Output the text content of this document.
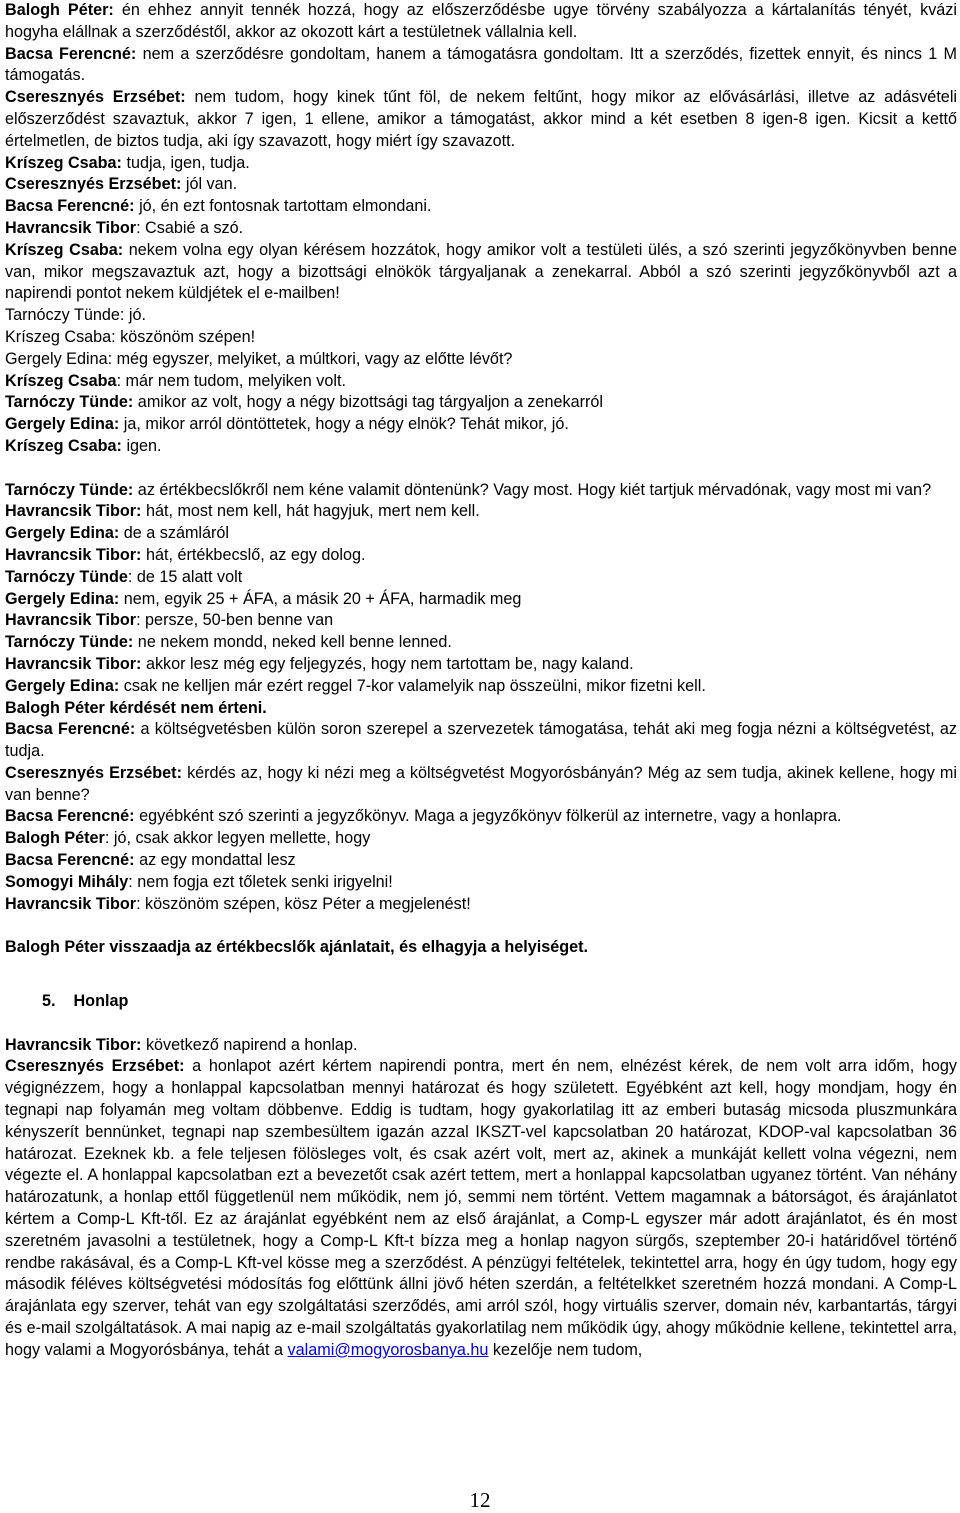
Balogh Péter: én ehhez annyit tennék hozzá, hogy az előszerződésbe ugye törvény szabályozza a kártalanítás tényét, kvázi hogyha elállnak a szerződéstől, akkor az okozott kárt a testületnek vállalnia kell.

Bacsa Ferencné: nem a szerződésre gondoltam, hanem a támogatásra gondoltam. Itt a szerződés, fizettek ennyit, és nincs 1 M támogatás.

Cseresznyés Erzsébet: nem tudom, hogy kinek tűnt föl, de nekem feltűnt, hogy mikor az elővásárlási, illetve az adásvételi előszerződést szavaztuk, akkor 7 igen, 1 ellene, amikor a támogatást, akkor mind a két esetben 8 igen-8 igen. Kicsit a kettő értelmetlen, de biztos tudja, aki így szavazott, hogy miért így szavazott.

Kríszeg Csaba: tudja, igen, tudja.

Cseresznyés Erzsébet: jól van.

Bacsa Ferencné: jó, én ezt fontosnak tartottam elmondani.

Havrancsik Tibor: Csabié a szó.

Kríszeg Csaba: nekem volna egy olyan kérésem hozzátok, hogy amikor volt a testületi ülés, a szó szerinti jegyzőkönyvben benne van, mikor megszavaztuk azt, hogy a bizottsági elnökök tárgyaljanak a zenekarral. Abból a szó szerinti jegyzőkönyvből azt a napirendi pontot nekem küldjétek el e-mailben!

Tarnóczy Tünde: jó.

Kríszeg Csaba: köszönöm szépen!

Gergely Edina: még egyszer, melyiket, a múltkori, vagy az előtte lévőt?

Kríszeg Csaba: már nem tudom, melyiken volt.

Tarnóczy Tünde: amikor az volt, hogy a négy bizottsági tag tárgyaljon a zenekarról

Gergely Edina: ja, mikor arról döntöttetek, hogy a négy elnök? Tehát mikor, jó.

Kríszeg Csaba: igen.

Tarnóczy Tünde: az értékbecslőkről nem kéne valamit döntenünk? Vagy most. Hogy kiét tartjuk mérvadónak, vagy most mi van?

Havrancsik Tibor: hát, most nem kell, hát hagyjuk, mert nem kell.

Gergely Edina: de a számláról

Havrancsik Tibor: hát, értékbecslő, az egy dolog.

Tarnóczy Tünde: de 15 alatt volt

Gergely Edina: nem, egyik 25 + ÁFA, a másik 20 + ÁFA, harmadik meg

Havrancsik Tibor: persze, 50-ben benne van

Tarnóczy Tünde: ne nekem mondd, neked kell benne lenned.

Havrancsik Tibor: akkor lesz még egy feljegyzés, hogy nem tartottam be, nagy kaland.

Gergely Edina: csak ne kelljen már ezért reggel 7-kor valamelyik nap összeülni, mikor fizetni kell.

Balogh Péter kérdését nem érteni.

Bacsa Ferencné: a költségvetésben külön soron szerepel a szervezetek támogatása, tehát aki meg fogja nézni a költségvetést, az tudja.

Cseresznyés Erzsébet: kérdés az, hogy ki nézi meg a költségvetést Mogyorósbányán? Még az sem tudja, akinek kellene, hogy mi van benne?

Bacsa Ferencné: egyébként szó szerinti a jegyzőkönyv. Maga a jegyzőkönyv fölkerül az internetre, vagy a honlapra.

Balogh Péter: jó, csak akkor legyen mellette, hogy

Bacsa Ferencné: az egy mondattal lesz

Somogyi Mihály: nem fogja ezt tőletek senki irigyelni!

Havrancsik Tibor: köszönöm szépen, kösz Péter a megjelenést!

Balogh Péter visszaadja az értékbecslők ajánlatait, és elhagyja a helyiséget.

5.    Honlap

Havrancsik Tibor: következő napirend a honlap.

Cseresznyés Erzsébet: a honlapot azért kértem napirendi pontra, mert én nem, elnézést kérek, de nem volt arra időm, hogy végignézzem, hogy a honlappal kapcsolatban mennyi határozat és hogy született. Egyébként azt kell, hogy mondjam, hogy én tegnapi nap folyamán meg voltam döbbenve. Eddig is tudtam, hogy gyakorlatilag itt az emberi butaság micsoda pluszmunkára kényszerít bennünket, tegnapi nap szembesültem igazán azzal IKSZT-vel kapcsolatban 20 határozat, KDOP-val kapcsolatban 36 határozat. Ezeknek kb. a fele teljesen fölösleges volt, és csak azért volt, mert az, akinek a munkáját kellett volna végezni, nem végezte el. A honlappal kapcsolatban ezt a bevezetőt csak azért tettem, mert a honlappal kapcsolatban ugyanez történt. Van néhány határozatunk, a honlap ettől függetlenül nem működik, nem jó, semmi nem történt. Vettem magamnak a bátorságot, és árajánlatot kértem a Comp-L Kft-től. Ez az árajánlat egyébként nem az első árajánlat, a Comp-L egyszer már adott árajánlatot, és én most szeretném javasolni a testületnek, hogy a Comp-L Kft-t bízza meg a honlap nagyon sürgős, szeptember 20-i határidővel történő rendbe rakásával, és a Comp-L Kft-vel kösse meg a szerződést. A pénzügyi feltételek, tekintettel arra, hogy én úgy tudom, hogy egy második féléves költségvetési módosítás fog előttünk állni jövő héten szerdán, a feltételkket szeretném hozzá mondani. A Comp-L árajánlata egy szerver, tehát van egy szolgáltatási szerződés, ami arról szól, hogy virtuális szerver, domain név, karbantartás, tárgyi és e-mail szolgáltatások. A mai napig az e-mail szolgáltatás gyakorlatilag nem működik úgy, ahogy működnie kellene, tekintettel arra, hogy valami a Mogyorósbánya, tehát a valami@mogyorosbanya.hu kezelője nem tudom,

12
